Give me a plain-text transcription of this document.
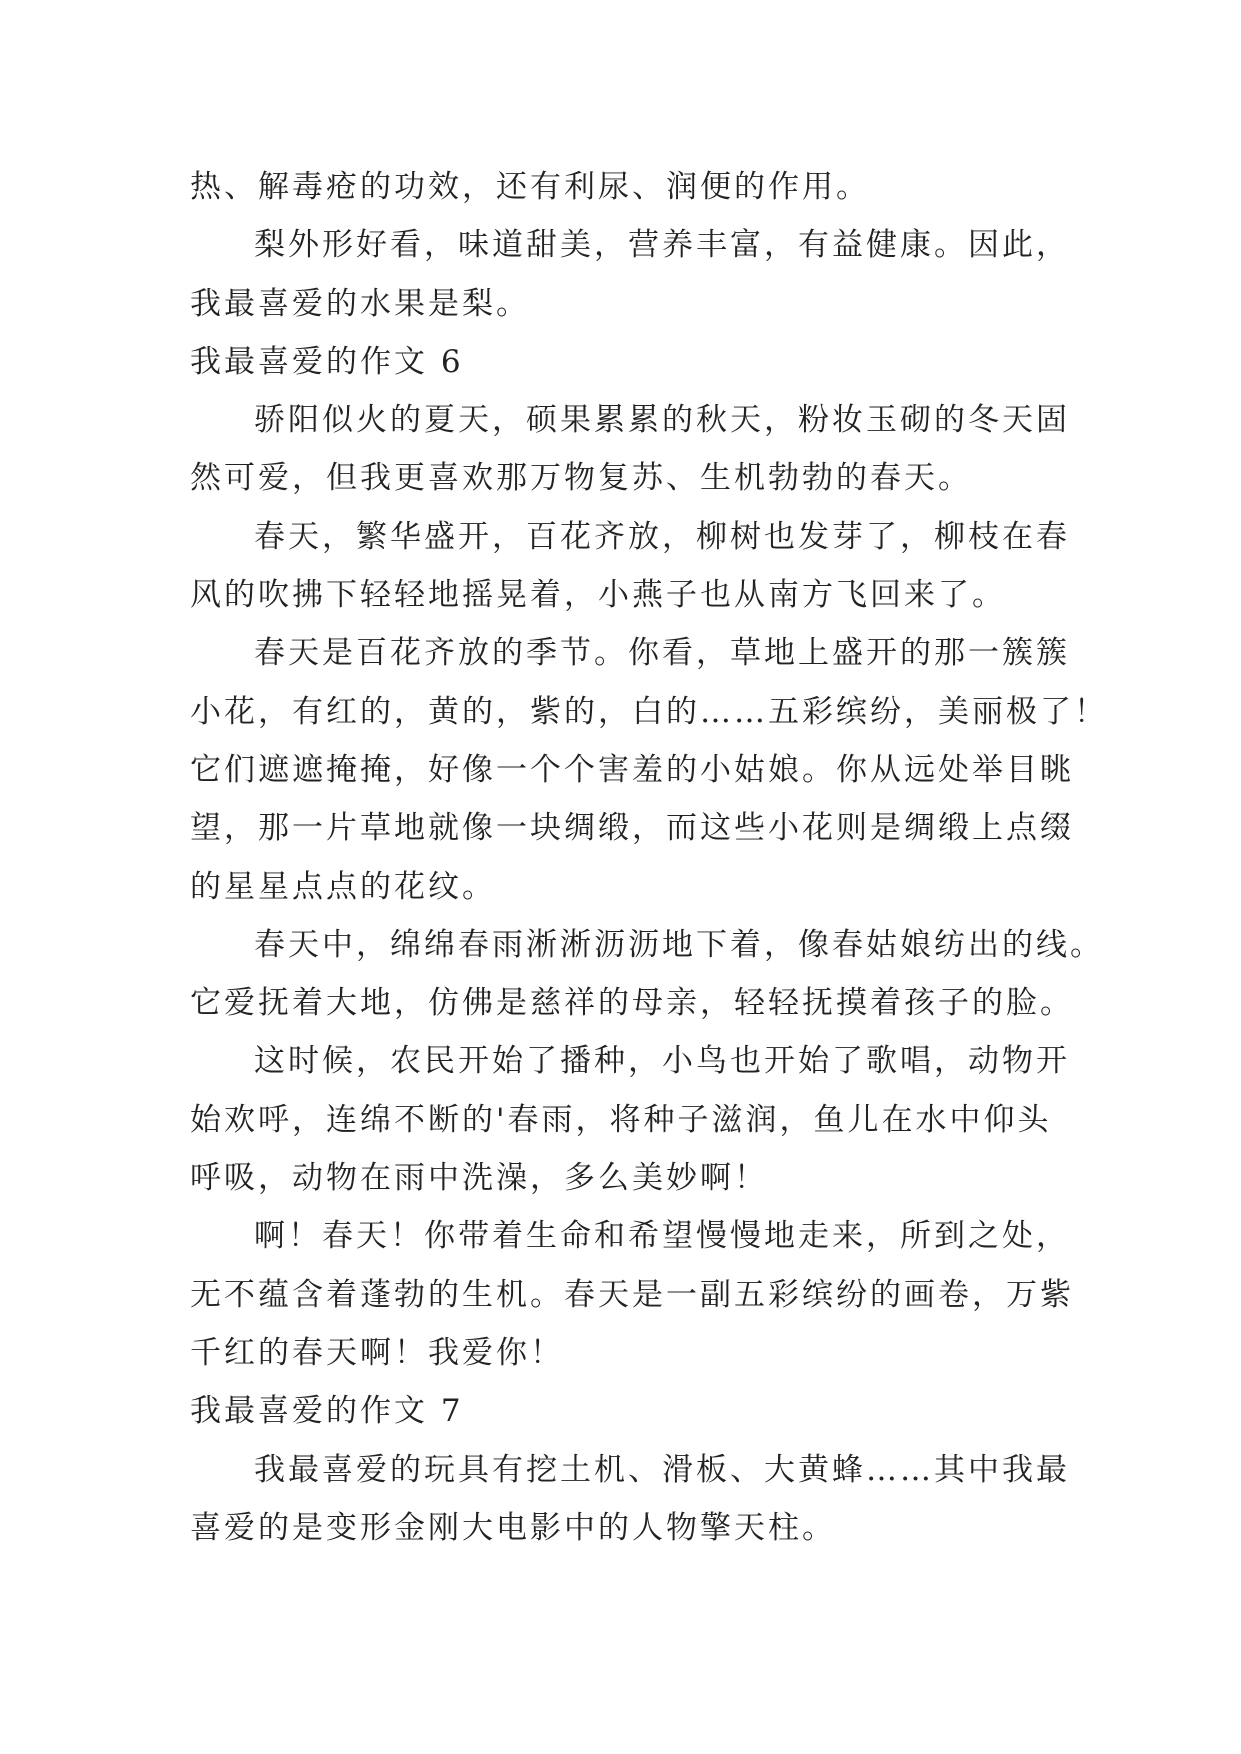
热、解毒疮的功效，还有利尿、润便的作用。
梨外形好看，味道甜美，营养丰富，有益健康。因此，
我最喜爱的水果是梨。
我最喜爱的作文 6
骄阳似火的夏天，硕果累累的秋天，粉妆玉砌的冬天固
然可爱，但我更喜欢那万物复苏、生机勃勃的春天。
春天，繁华盛开，百花齐放，柳树也发芽了，柳枝在春
风的吹拂下轻轻地摇晃着，小燕子也从南方飞回来了。
春天是百花齐放的季节。你看，草地上盛开的那一簇簇
小花，有红的，黄的，紫的，白的……五彩缤纷，美丽极了！
它们遮遮掩掩，好像一个个害羞的小姑娘。你从远处举目眺
望，那一片草地就像一块绸缎，而这些小花则是绸缎上点缀
的星星点点的花纹。
春天中，绵绵春雨淅淅沥沥地下着，像春姑娘纺出的线。
它爱抚着大地，仿佛是慈祥的母亲，轻轻抚摸着孩子的脸。
这时候，农民开始了播种，小鸟也开始了歌唱，动物开
始欢呼，连绵不断的'春雨，将种子滋润，鱼儿在水中仰头
呼吸，动物在雨中洗澡，多么美妙啊！
啊！春天！你带着生命和希望慢慢地走来，所到之处，
无不蕴含着蓬勃的生机。春天是一副五彩缤纷的画卷，万紫
千红的春天啊！我爱你！
我最喜爱的作文 7
我最喜爱的玩具有挖土机、滑板、大黄蜂……其中我最
喜爱的是变形金刚大电影中的人物擎天柱。
